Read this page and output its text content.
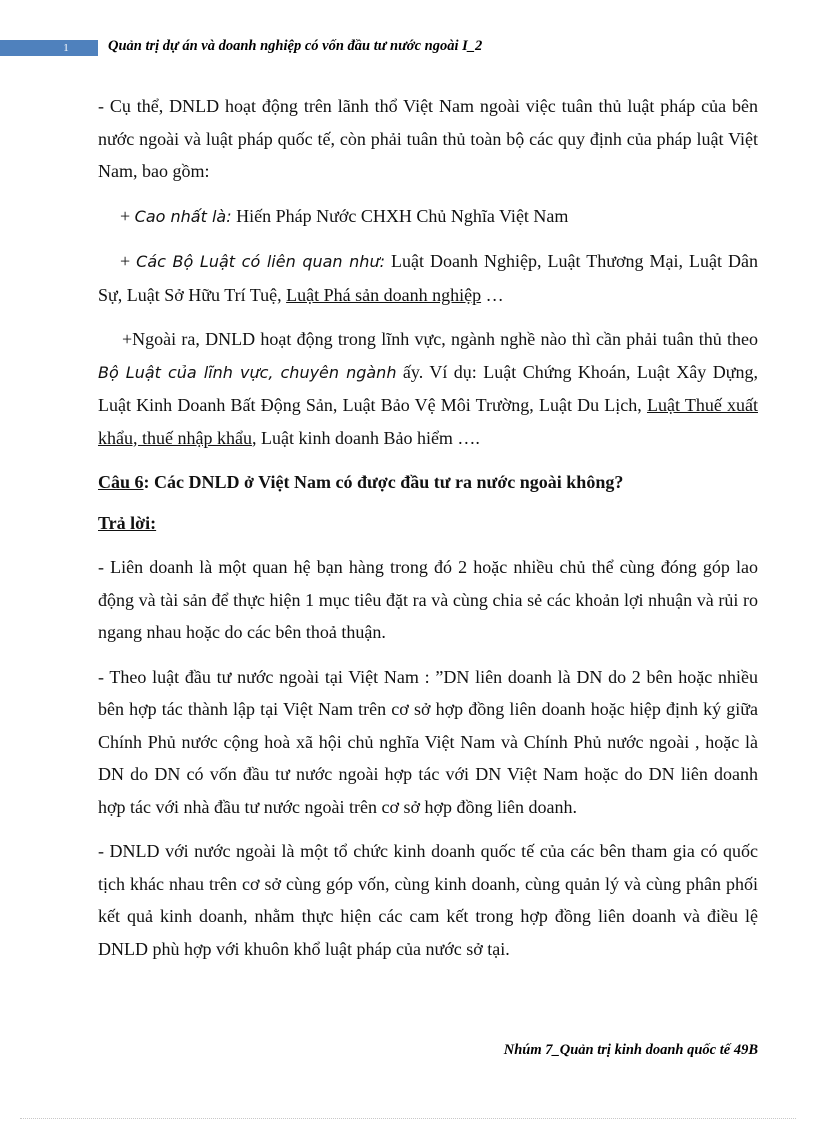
1	Quản trị dự án và doanh nghiệp có vốn đầu tư nước ngoài I_2

- Cụ thể, DNLD hoạt động trên lãnh thổ Việt Nam ngoài việc tuân thủ luật pháp của bên nước ngoài và luật pháp quốc tế, còn phải tuân thủ toàn bộ các quy định của pháp luật Việt Nam, bao gồm:

+ Cao nhất là: Hiến Pháp Nước CHXH Chủ Nghĩa Việt Nam

+ Các Bộ Luật có liên quan như: Luật Doanh Nghiệp, Luật Thương Mại, Luật Dân Sự, Luật Sở Hữu Trí Tuệ, Luật Phá sản doanh nghiệp …

+Ngoài ra, DNLD hoạt động trong lĩnh vực, ngành nghề nào thì cần phải tuân thủ theo Bộ Luật của lĩnh vực, chuyên ngành ấy. Ví dụ: Luật Chứng Khoán, Luật Xây Dựng, Luật Kinh Doanh Bất Động Sản, Luật Bảo Vệ Môi Trường, Luật Du Lịch, Luật Thuế xuất khẩu, thuế nhập khẩu, Luật kinh doanh Bảo hiểm ….

Câu 6: Các DNLD ở Việt Nam có được đầu tư ra nước ngoài không?

Trả lời:

- Liên doanh là một quan hệ bạn hàng trong đó 2 hoặc nhiều chủ thể cùng đóng góp lao động và tài sản để thực hiện 1 mục tiêu đặt ra và cùng chia sẻ các khoản lợi nhuận và rủi ro ngang nhau hoặc do các bên thoả thuận.

- Theo luật đầu tư nước ngoài tại Việt Nam : ”DN liên doanh là DN do 2 bên hoặc nhiều bên hợp tác thành lập tại Việt Nam trên cơ sở hợp đồng liên doanh hoặc hiệp định ký giữa Chính Phủ nước cộng hoà xã hội chủ nghĩa Việt Nam và Chính Phủ nước ngoài , hoặc là DN do DN có vốn đầu tư nước ngoài hợp tác với DN Việt Nam hoặc do DN liên doanh hợp tác với nhà đầu tư nước ngoài trên cơ sở hợp đồng liên doanh.

- DNLD với nước ngoài là một tổ chức kinh doanh quốc tế của các bên tham gia có quốc tịch khác nhau trên cơ sở cùng góp vốn, cùng kinh doanh, cùng quản lý và cùng phân phối kết quả kinh doanh, nhằm thực hiện các cam kết trong hợp đồng liên doanh và điều lệ DNLD phù hợp với khuôn khổ luật pháp của nước sở tại.

Nhúm 7_Quản trị kinh doanh quốc tế 49B
